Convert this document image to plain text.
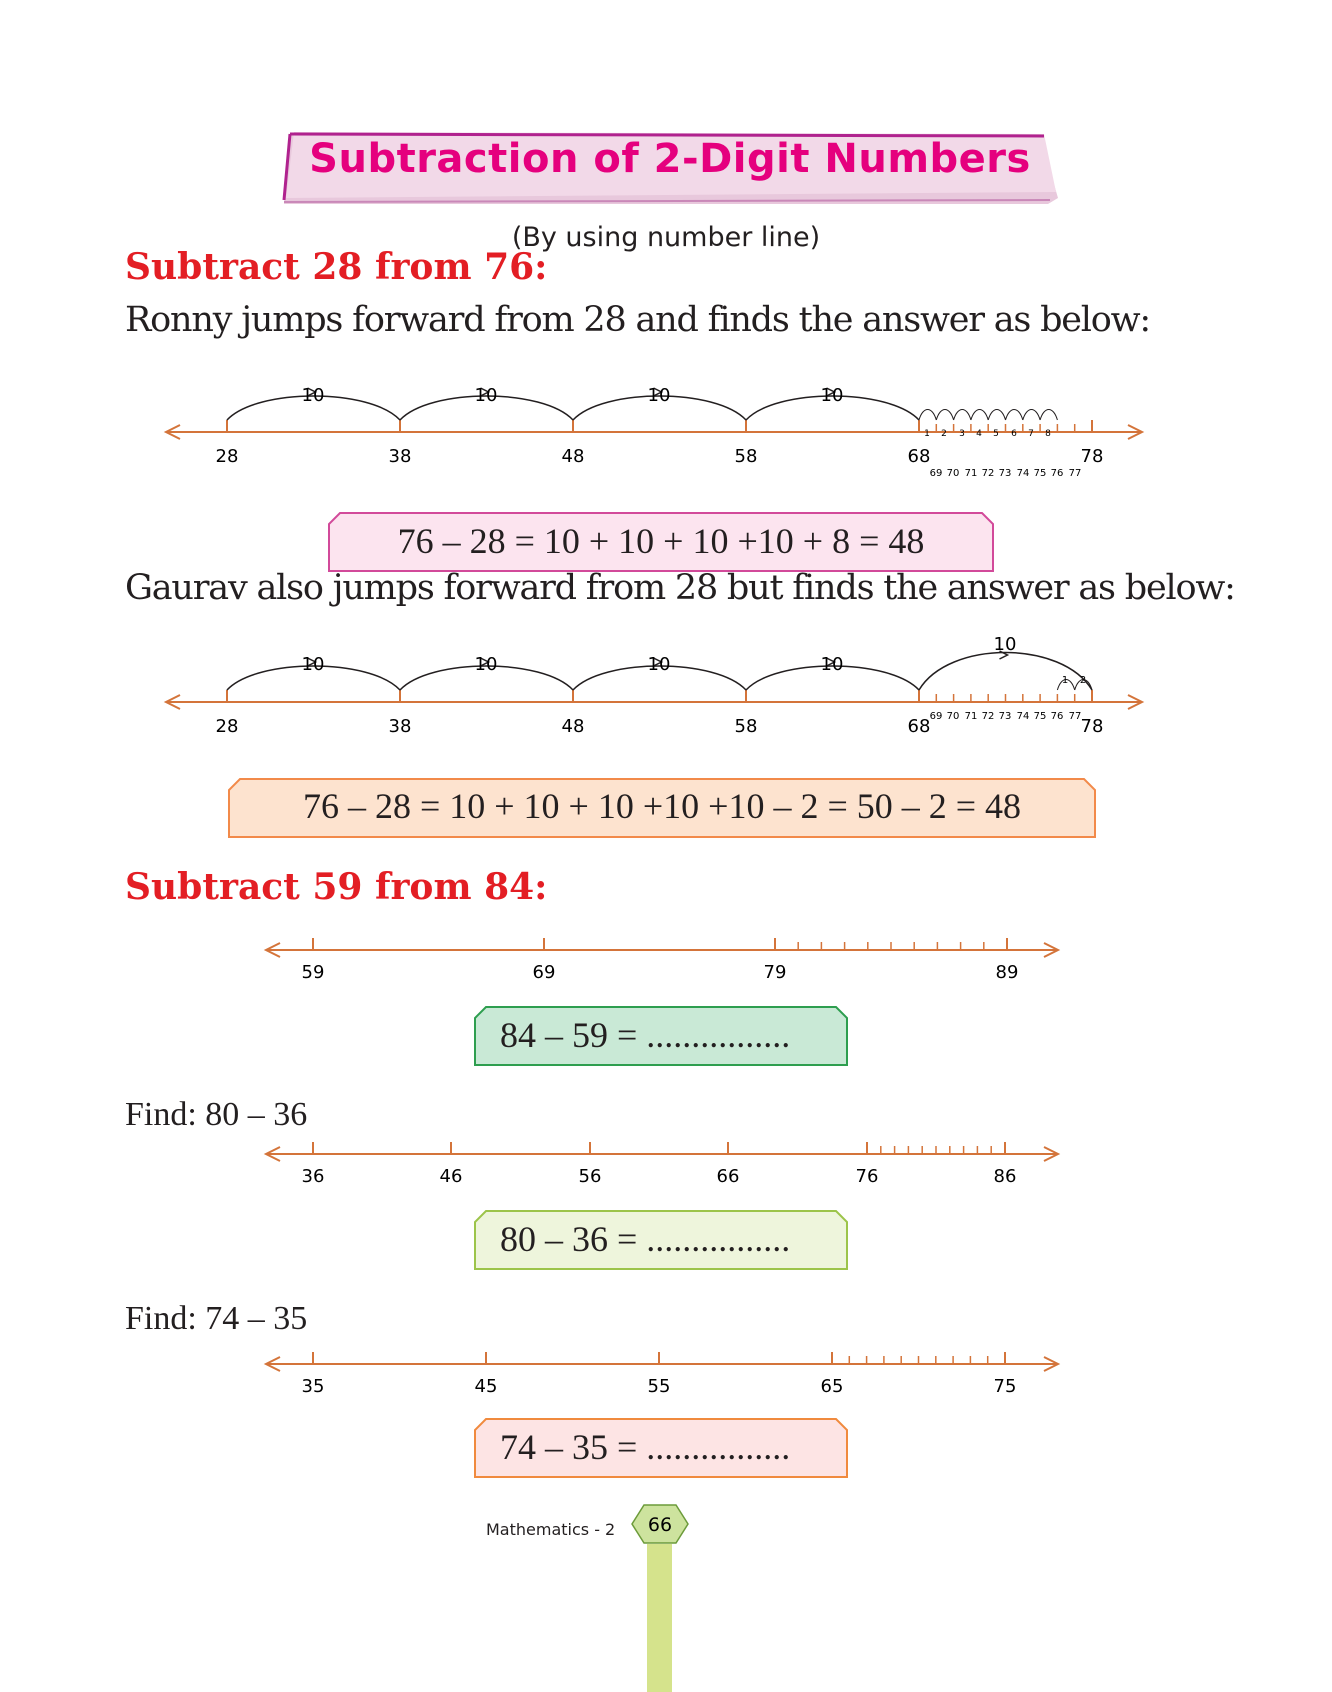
Subtraction of 2-Digit Numbers
(By using number line)
Subtract 28 from 76:
Ronny jumps forward from 28 and finds the answer as below:
28	38	48	58	68	78
10	10	10	10
1 2 3 4 5 6 7 8
69 70 71 72 73 74 75 76 77
76 – 28 = 10 + 10 + 10 +10 + 8 = 48
Gaurav also jumps forward from 28 but finds the answer as below:
28	38	48	58	68	78
10	10	10	10
10
1 2
69 70 71 72 73 74 75 76 77
76 – 28 = 10 + 10 + 10 +10 +10 – 2 = 50 – 2 = 48
Subtract 59 from 84:
59	69	79	89
84 – 59 = ................
Find: 80 – 36
36	46	56	66	76	86
80 – 36 = ................
Find: 74 – 35
35	45	55	65	75
74 – 35 = ................
Mathematics - 2 66
